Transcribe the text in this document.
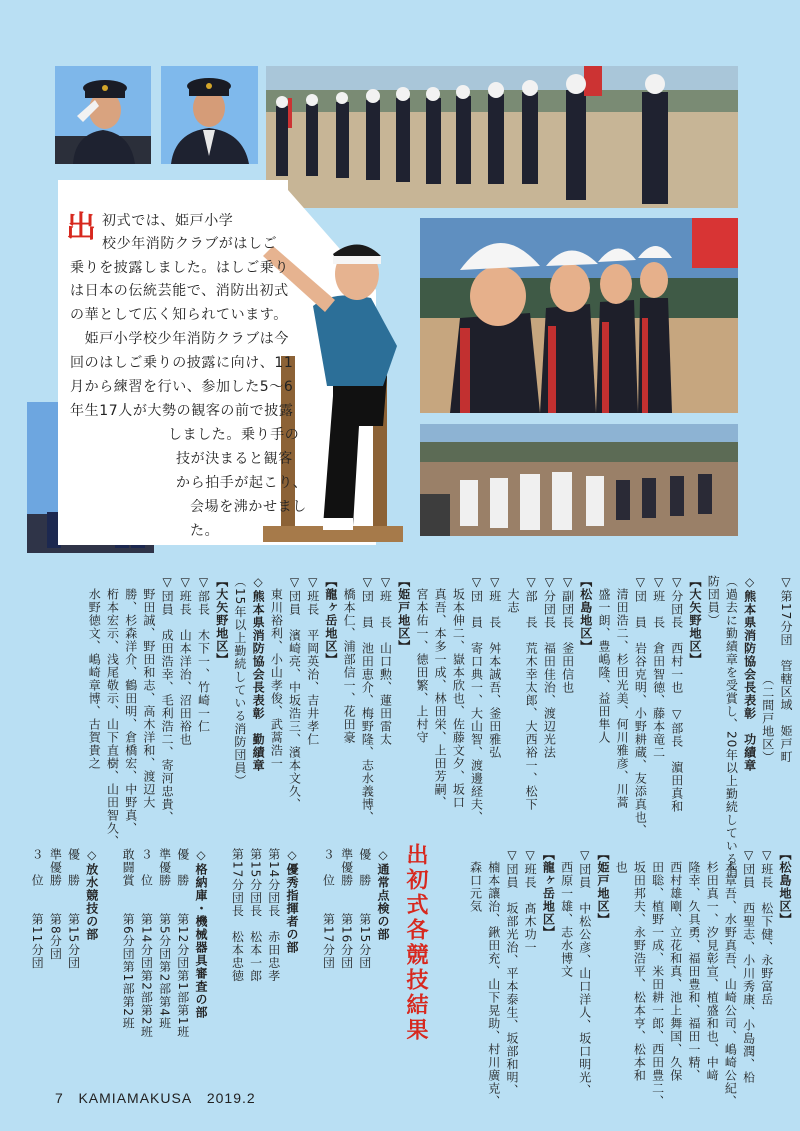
出 初式では、姫戸小学
校少年消防クラブがはしご
乗りを披露しました。はしご乗り
は日本の伝統芸能で、消防出初式
の華として広く知られています。
　姫戸小学校少年消防クラブは今
回のはしご乗りの披露に向け、11
月から練習を行い、参加した5～6
年生17人が大勢の観客の前で披露
しました。乗り手の
技が決まると観客
から拍手が起こり、
会場を沸かせまし
た。
▽第17分団　管轄区域　姫戸町
　　　　　　　　（二間戸地区）
◇熊本県消防協会長表彰　功績章
（過去に勤績章を受賞し、20年以上勤続している消
防団員）
【大矢野地区】
▽分団長　西村一也　▽部長　濵田真和
▽班　長　倉田智徳、藤本竜二
▽団　員　岩谷克明、小野耕蔵、友添真也、
　清田浩二、杉田光美、何川雅彦、川蒿
　盛一朗、豊嶋隆、益田隼人
【松島地区】
▽副団長　釜田信也
▽分団長　福田佳治、渡辺光法
▽部　長　荒木幸太郎、大西裕一、松下
　大志
▽班　長　舛本誠吾、釜田雅弘
▽団　員　寄口典一、大山智、渡邊経夫、
　坂本伸二、嶽本欣也、佐藤文夕、坂口
　真吾、本多一成、林田栄、上田芳嗣、
　宮本佑一、徳田繁、上村守
【姫戸地区】
▽班　長　山口勲、蓮田雷太
▽団　員　池田恵介、梅野隆、志水義博、
　橋本仁、浦部信一、花田豪
【龍ヶ岳地区】
▽班長　平岡英治、吉井孝仁
▽団員　濱崎亮、中坂浩三、濱本文久、
　東川裕利、小山孝俊、武蒿浩一
◇熊本県消防協会長表彰　勤績章
（15年以上勤続している消防団員）
【大矢野地区】
▽部長　木下一、竹崎一仁
▽班長　山本洋治、沼田裕也
▽団員　成田浩幸、毛利浩二、寄河忠貴、
　野田誠、野田和志、高木洋和、渡辺大
　勝、杉森洋介、鶴田明、倉橋宏、中野真、
　桁本宏示、浅尾敬示、山下直樹、山田智久、
　水野徳文、嶋崎章博、古賀貴之
【松島地区】
▽班長　松下健、永野富岳
▽団員　西聖志、小川秀康、小島潤、柗
　本章吾、水野真吾、山崎公司、嶋崎公紀、
　杉田真一、汐見彰宣、植盛和也、中﨑
　隆幸、久具勇、福田豊和、福田一精、
　西村雄剛、立花和真、池上舞国、久保
　田聡、植野一成、米田耕一郎、西田豊二、
　坂田邦夫、永野浩平、松本亨、松本和
　也
【姫戸地区】
▽団員　中松公彦、山口洋人、坂口明光、
　西原一雄、志水博文
【龍ヶ岳地区】
▽班長　髙木功一
▽団員　坂部光治、平本泰生、坂部和明、
　楠本讓治、鍬田充、山下晃助、村川廣克、
　森口元気
◇通常点検の部
優　勝　　第15分団
準優勝　　第16分団
３　位　　第17分団

◇優秀指揮者の部
第14分団長　赤田忠孝
第15分団長　松本一郎
第17分団長　松本忠徳

◇格納庫・機械器具審査の部
優　勝　　第12分団第1部第1班
準優勝　　第5分団第2部第4班
３　位　　第14分団第2部第2班
敢闘賞　　第6分団第1部第2班

◇放水競技の部
優　勝　　第15分団
準優勝　　第8分団
３　位　　第11分団	出初式各競技結果
7 KAMIAMAKUSA 2019.2
